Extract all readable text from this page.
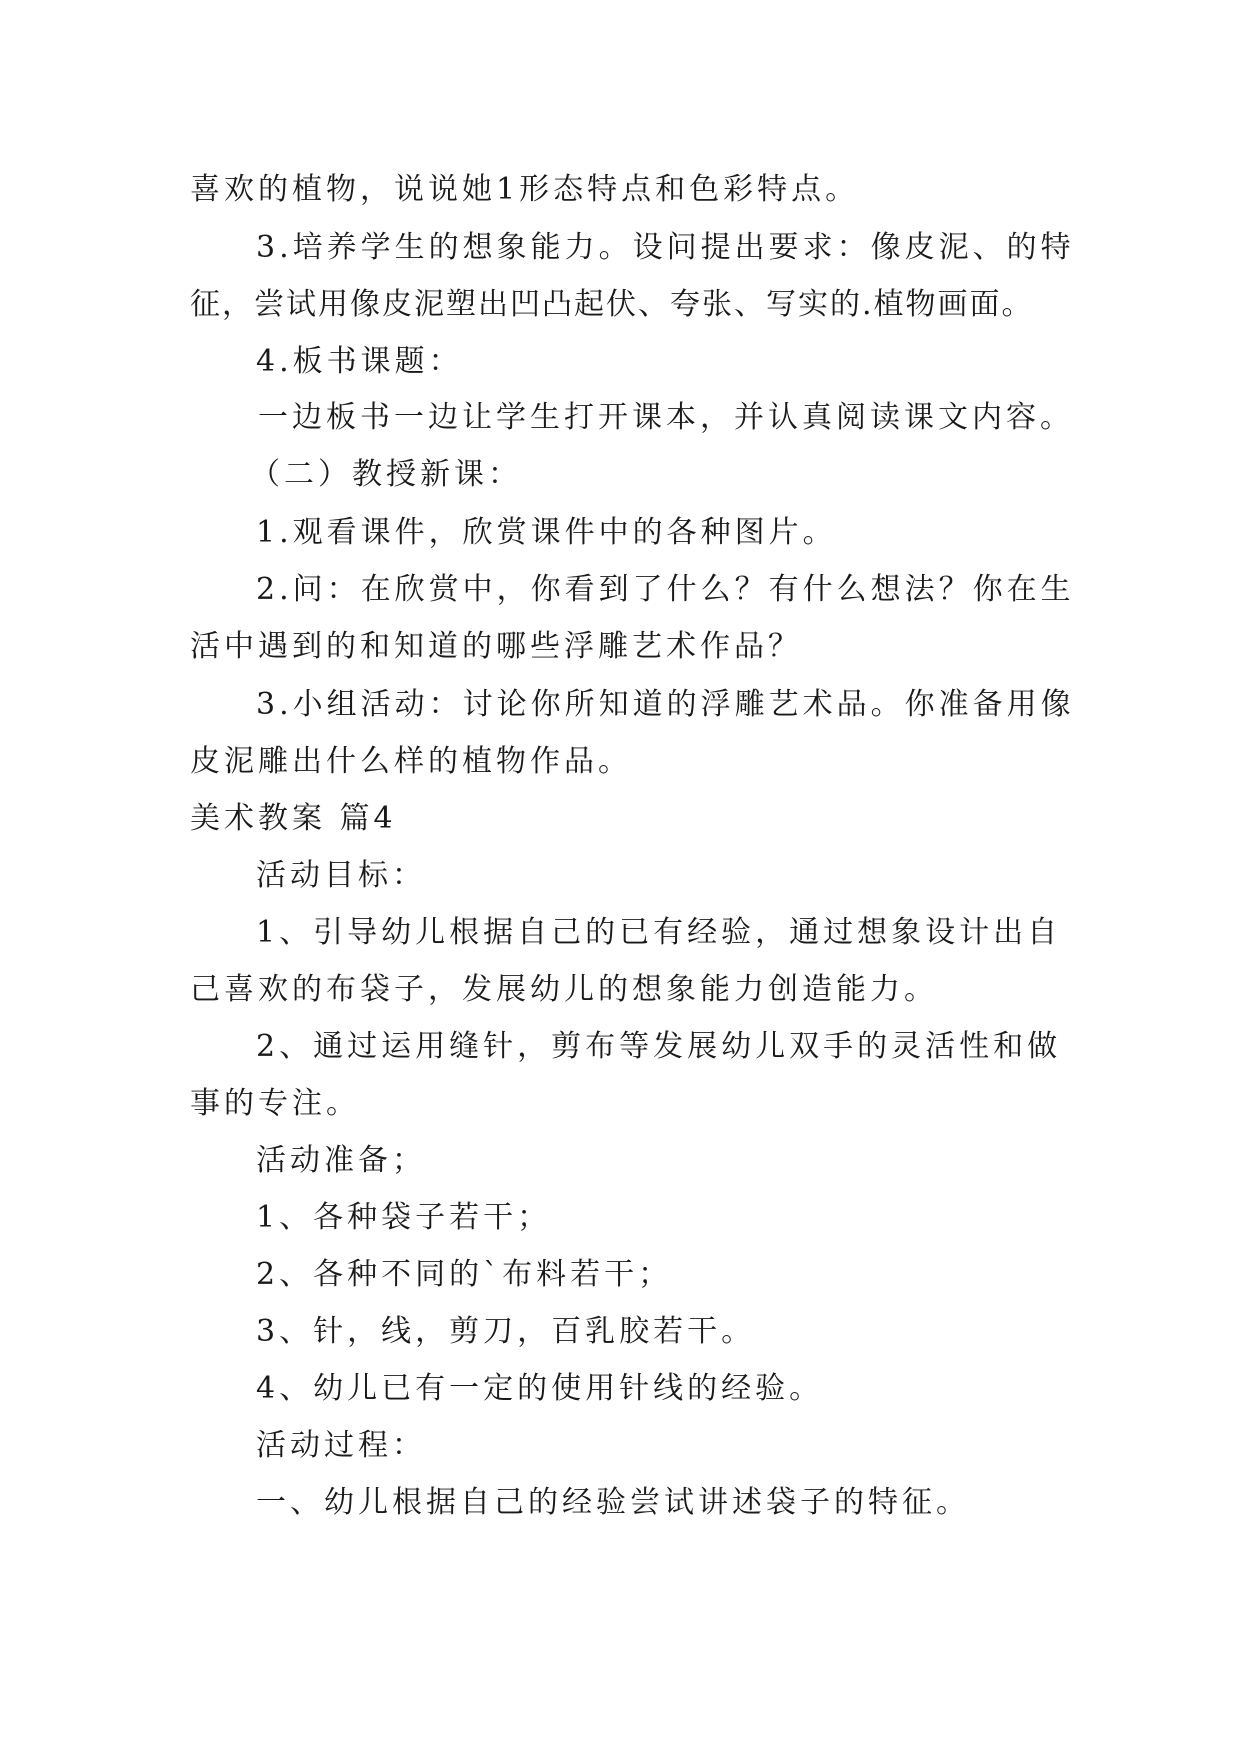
喜欢的植物，说说她1形态特点和色彩特点。
3.培养学生的想象能力。设问提出要求：像皮泥、的特
征，尝试用像皮泥塑出凹凸起伏、夸张、写实的.植物画面。
4.板书课题：
一边板书一边让学生打开课本，并认真阅读课文内容。
（二）教授新课：
1.观看课件，欣赏课件中的各种图片。
2.问：在欣赏中，你看到了什么？有什么想法？你在生
活中遇到的和知道的哪些浮雕艺术作品？
3.小组活动：讨论你所知道的浮雕艺术品。你准备用像
皮泥雕出什么样的植物作品。
美术教案 篇4
活动目标：
1、引导幼儿根据自己的已有经验，通过想象设计出自
己喜欢的布袋子，发展幼儿的想象能力创造能力。
2、通过运用缝针，剪布等发展幼儿双手的灵活性和做
事的专注。
活动准备；
1、各种袋子若干；
2、各种不同的`布料若干；
3、针，线，剪刀，百乳胶若干。
4、幼儿已有一定的使用针线的经验。
活动过程：
一、幼儿根据自己的经验尝试讲述袋子的特征。
